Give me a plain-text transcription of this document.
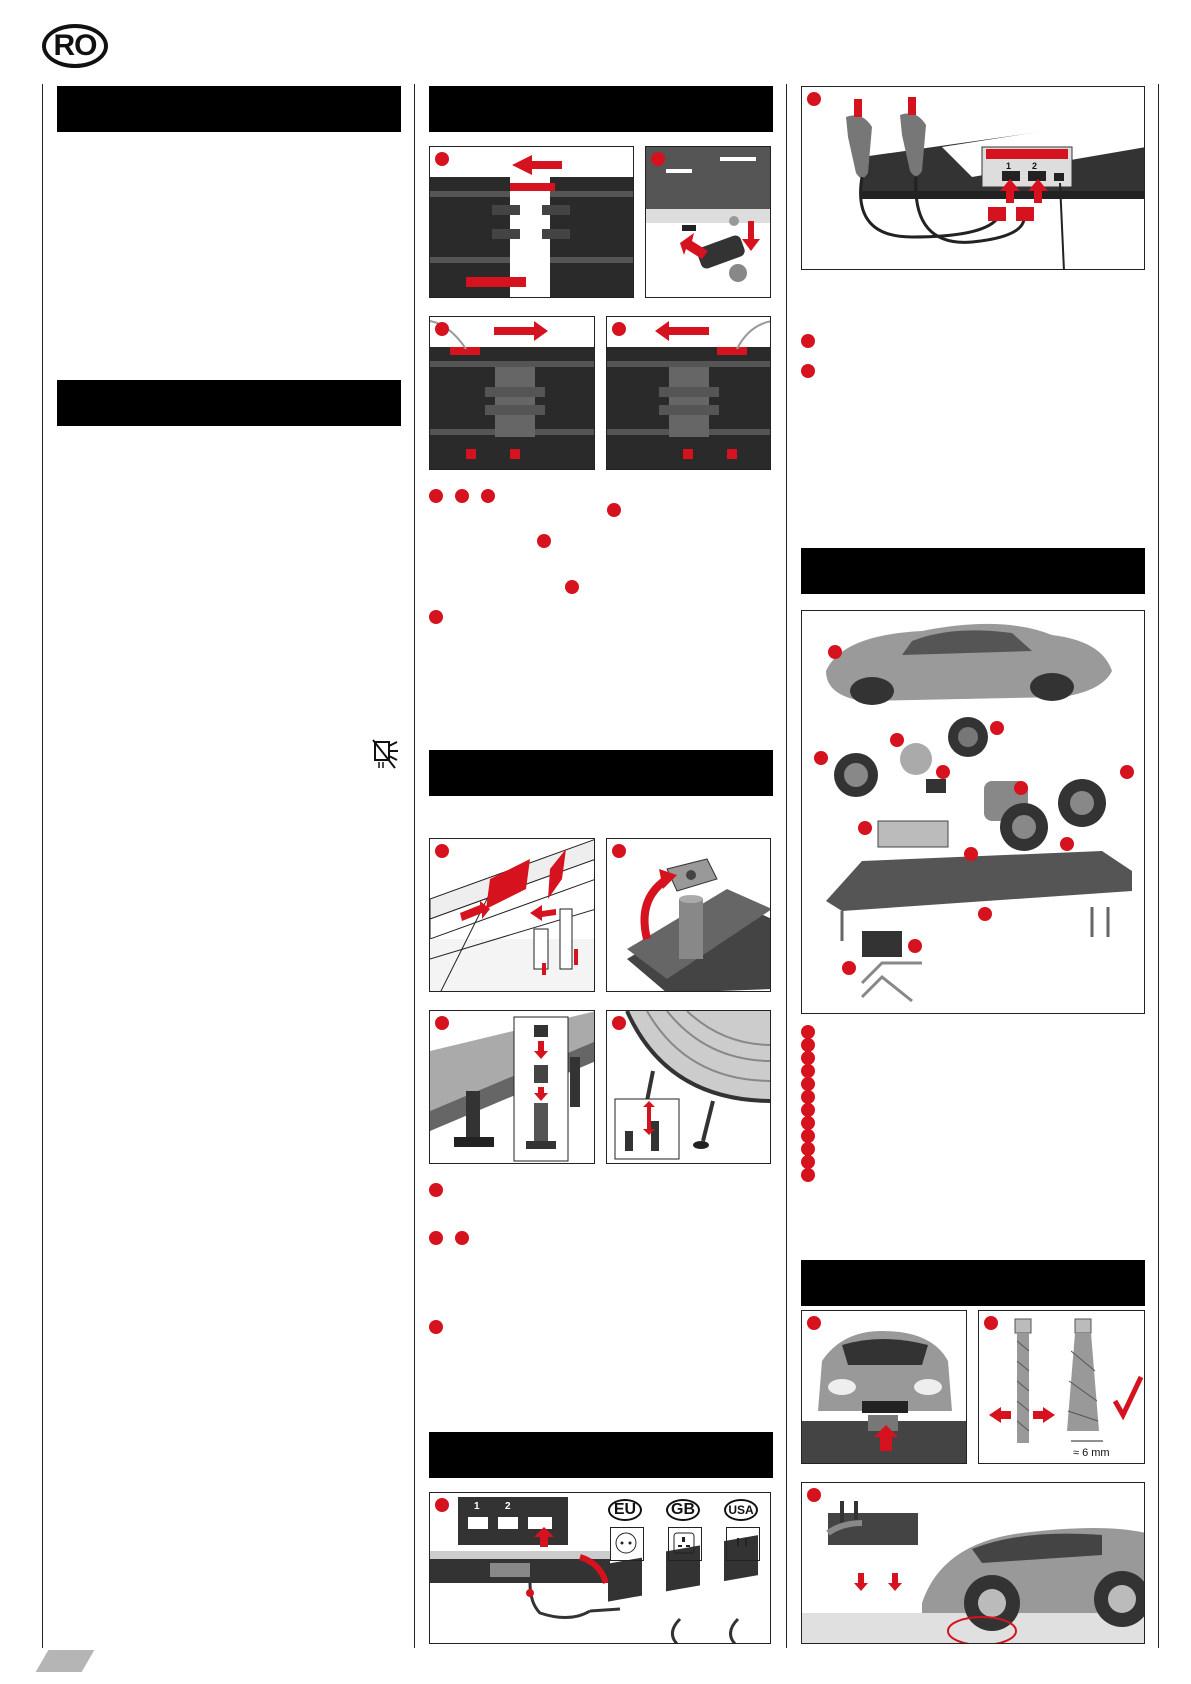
RO
EU GB	USA
1	2
1 2
≈ 6 mm
